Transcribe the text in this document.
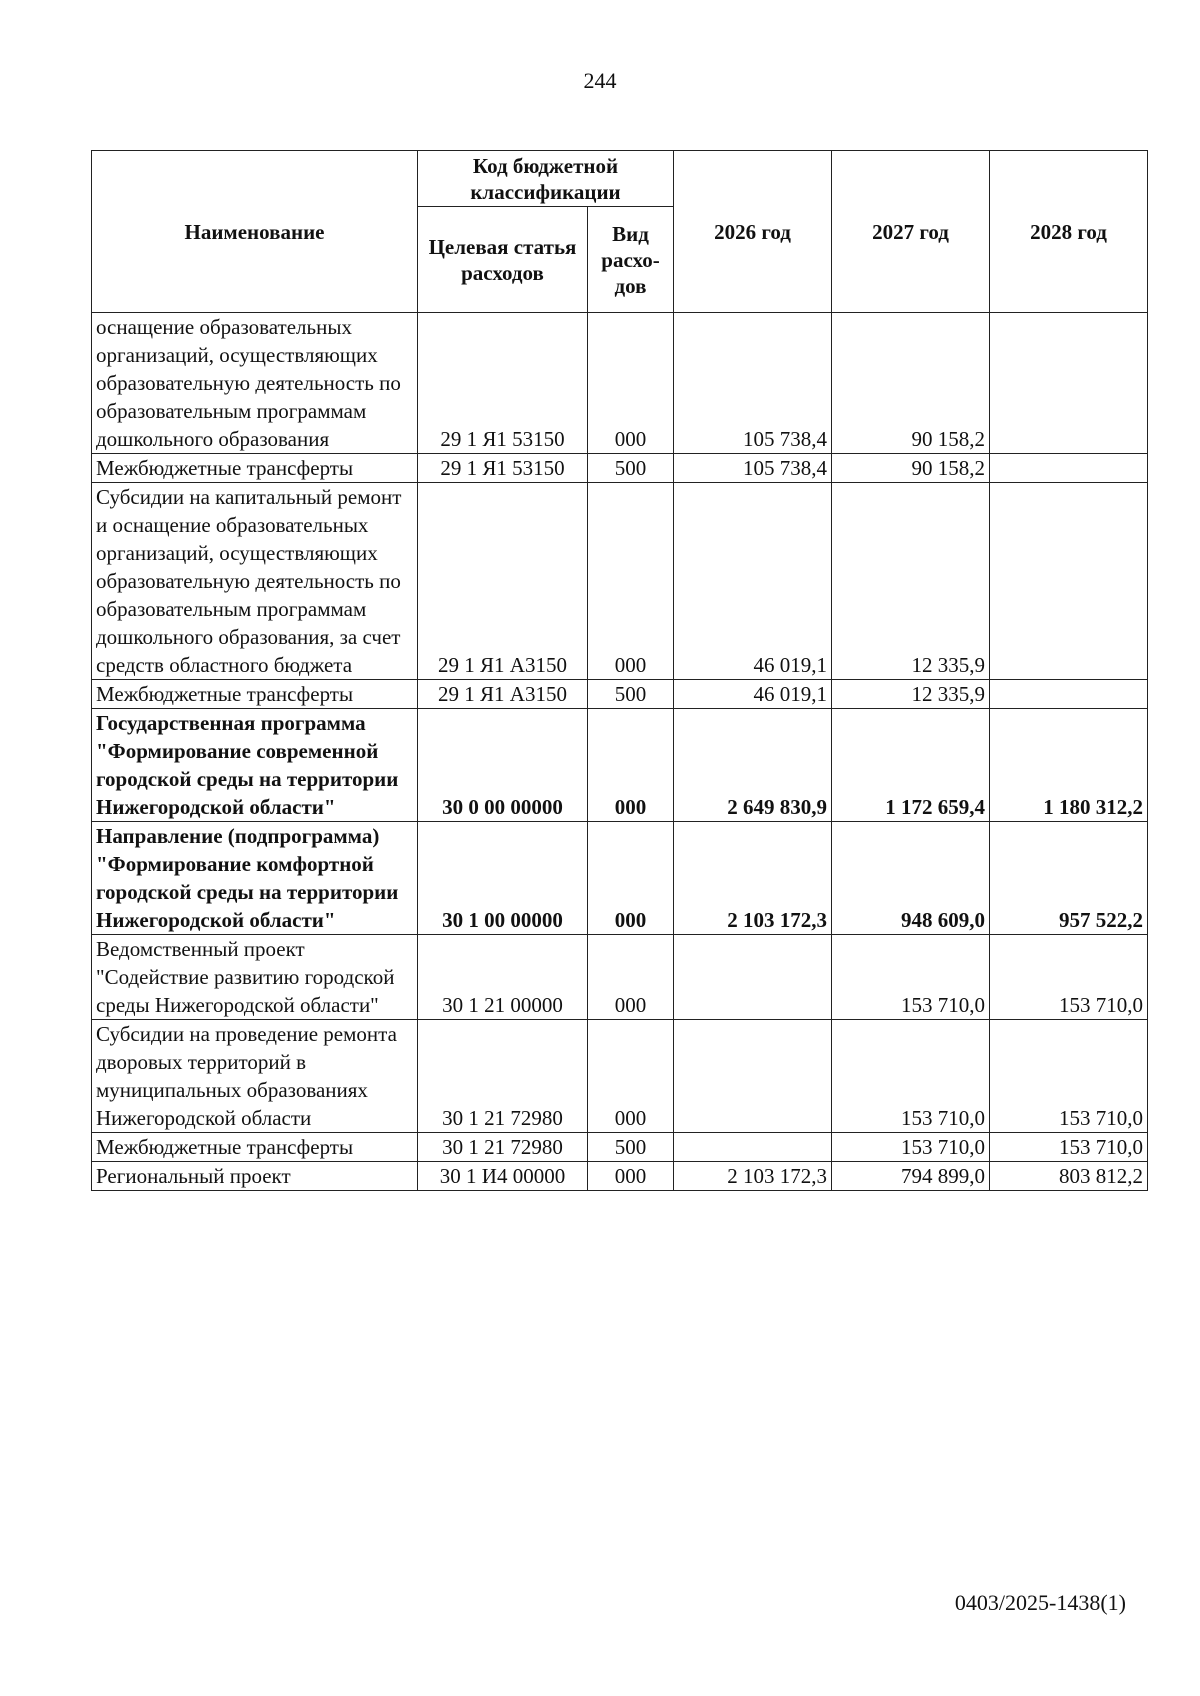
244
Наименование	Код бюджетной классификации		2026 год	2027 год	2028 год
	Целевая статья расходов	Вид расхо-дов			
оснащение образовательных организаций, осуществляющих образовательную деятельность по образовательным программам дошкольного образования	29 1 Я1 53150	000	105 738,4	90 158,2	
Межбюджетные трансферты	29 1 Я1 53150	500	105 738,4	90 158,2	
Субсидии на капитальный ремонт и оснащение образовательных организаций, осуществляющих образовательную деятельность по образовательным программам дошкольного образования, за счет средств областного бюджета	29 1 Я1 А3150	000	46 019,1	12 335,9	
Межбюджетные трансферты	29 1 Я1 А3150	500	46 019,1	12 335,9	
Государственная программа "Формирование современной городской среды на территории Нижегородской области"	30 0 00 00000	000	2 649 830,9	1 172 659,4	1 180 312,2
Направление (подпрограмма) "Формирование комфортной городской среды на территории Нижегородской области"	30 1 00 00000	000	2 103 172,3	948 609,0	957 522,2
Ведомственный проект "Содействие развитию городской среды Нижегородской области"	30 1 21 00000	000		153 710,0	153 710,0
Субсидии на проведение ремонта дворовых территорий в муниципальных образованиях Нижегородской области	30 1 21 72980	000		153 710,0	153 710,0
Межбюджетные трансферты	30 1 21 72980	500		153 710,0	153 710,0
Региональный проект	30 1 И4 00000	000	2 103 172,3	794 899,0	803 812,2
0403/2025-1438(1)
